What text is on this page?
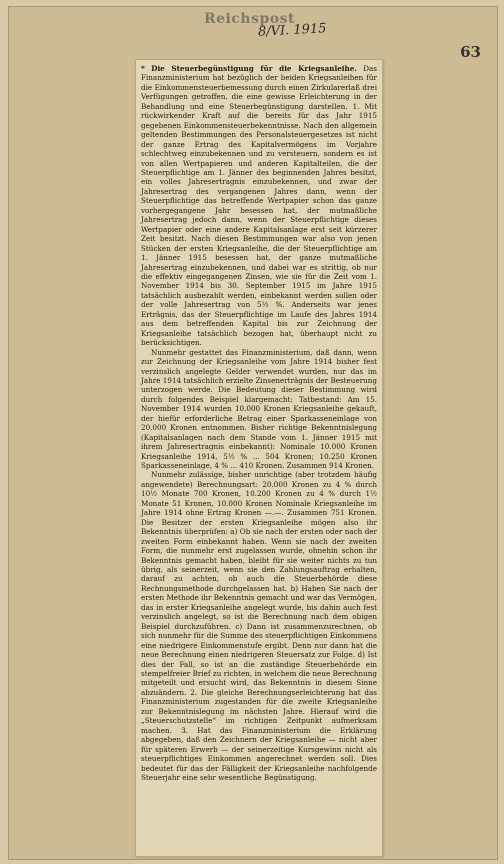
Reichspost
8/VI. 1915
63

* Die Steuerbegünstigung für die Kriegsanleihe. Das Finanzministerium hat bezüglich der beiden Kriegsanleihen für die Einkommensteuerbemessung durch einen Zirkularerlaß drei Verfügungen getroffen, die eine gewisse Erleichterung in der Behandlung und eine Steuerbegünstigung darstellen. 1. Mit rückwirkender Kraft auf die bereits für das Jahr 1915 gegebenen Einkommensteuerbekenntnisse. Nach den allgemein geltenden Bestimmungen des Personalsteuergesetzes ist nicht der ganze Ertrag des Kapitalvermögens im Vorjahre schlechtweg einzubekennen und zu versteuern, sondern es ist von allen Wertpapieren und anderen Kapitalteilen, die der Steuerpflichtige am 1. Jänner des beginnenden Jahres besitzt, ein volles Jahresertragnis einzubekennen, und zwar der Jahresertrag des vergangenen Jahres dann, wenn der Steuerpflichtige das betreffende Wertpapier schon das ganze vorhergegangene Jahr besessen hat, der mutmaßliche Jahresertrag jedoch dann, wenn der Steuerpflichtige dieses Wertpapier oder eine andere Kapitalsanlage erst seit kürzerer Zeit besitzt. Nach diesen Bestimmungen war also von jenen Stücken der ersten Kriegsanleihe, die der Steuerpflichtige am 1. Jänner 1915 besessen hat, der ganze mutmaßliche Jahresertrag einzubekennen, und dabei war es strittig, ob nur die effektiv eingegangenen Zinsen, wie sie für die Zeit vom 1. November 1914 bis 30. September 1915 im Jahre 1915 tatsächlich ausbezahlt werden, einbekannt werden sollen oder der volle Jahresertrag von 5½ %. Anderseits war jenes Erträgnis, das der Steuerpflichtige im Laufe des Jahres 1914 aus dem betreffenden Kapital bis zur Zeichnung der Kriegsanleihe tatsächlich bezogen hat, überhaupt nicht zu berücksichtigen.

Nunmehr gestattet das Finanzministerium, daß dann, wenn zur Zeichnung der Kriegsanleihe vom Jahre 1914 bisher fest verzinslich angelegte Gelder verwendet wurden, nur das im Jahre 1914 tatsächlich erzielte Zinsenerträgnis der Besteuerung unterzogen werde. Die Bedeutung dieser Bestimmung wird durch folgendes Beispiel klargemacht: Tatbestand: Am 15. November 1914 wurden 10.000 Kronen Kriegsanleihe gekauft, der hiefür erforderliche Betrag einer Sparkasseneinlage von 20.000 Kronen entnommen. Bisher richtige Bekenntnislegung (Kapitalsanlagen nach dem Stande vom 1. Jänner 1915 mit ihrem Jahresertragnis einbekannt): Nominale 10.000 Kronen Kriegsanleihe 1914, 5½ % ... 504 Kronen; 10.250 Kronen Sparkasseneinlage, 4 % ... 410 Kronen. Zusammen 914 Kronen.

Nunmehr zulässige, bisher unrichtige (aber trotzdem häufig angewendete) Berechnungsart: 20.000 Kronen zu 4 % durch 10½ Monate 700 Kronen, 10.200 Kronen zu 4 % durch 1½ Monate 51 Kronen, 10.000 Kronen Nominale Kriegsanleihe im Jahre 1914 ohne Ertrag Kronen —.—. Zusammen 751 Kronen. Die Besitzer der ersten Kriegsanleihe mögen also ihr Bekenntnis überprüfen: a) Ob sie nach der ersten oder nach der zweiten Form einbekannt haben. Wenn sie nach der zweiten Form, die nunmehr erst zugelassen wurde, ohnehin schon ihr Bekenntnis gemacht haben, bleibt für sie weiter nichts zu tun übrig, als seinerzeit, wenn sie den Zahlungsauftrag erhalten, darauf zu achten, ob auch die Steuerbehörde diese Rechnungsmethode durchgelassen hat. b) Haben Sie nach der ersten Methode ihr Bekenntnis gemacht und war das Vermögen, das in erster Kriegsanleihe angelegt wurde, bis dahin auch fest verzinslich angelegt, so ist die Berechnung nach dem obigen Beispiel durchzuführen. c) Dann ist zusammenzurechnen, ob sich nunmehr für die Summe des steuerpflichtigen Einkommens eine niedrigere Einkommenstufe ergibt. Denn nur dann hat die neue Berechnung einen niedrigeren Steuersatz zur Folge. d) Ist dies der Fall, so ist an die zuständige Steuerbehörde ein stempelfreier Brief zu richten, in welchem die neue Berechnung mitgeteilt und ersucht wird, das Bekenntnis in diesem Sinne abzuändern. 2. Die gleiche Berechnungserleichterung hat das Finanzministerium zugestanden für die zweite Kriegsanleihe zur Bekenntnislegung im nächsten Jahre. Hierauf wird die „Steuerschutzstelle“ im richtigen Zeitpunkt aufmerksam machen. 3. Hat das Finanzministerium die Erklärung abgegeben, daß den Zeichnern der Kriegsanleihe — nicht aber für späteren Erwerb — der seinerzeitige Kursgewinn nicht als steuerpflichtiges Einkommen angerechnet werden soll. Dies bedeutet für das der Fälligkeit der Kriegsanleihe nachfolgende Steuerjahr eine sehr wesentliche Begünstigung.
